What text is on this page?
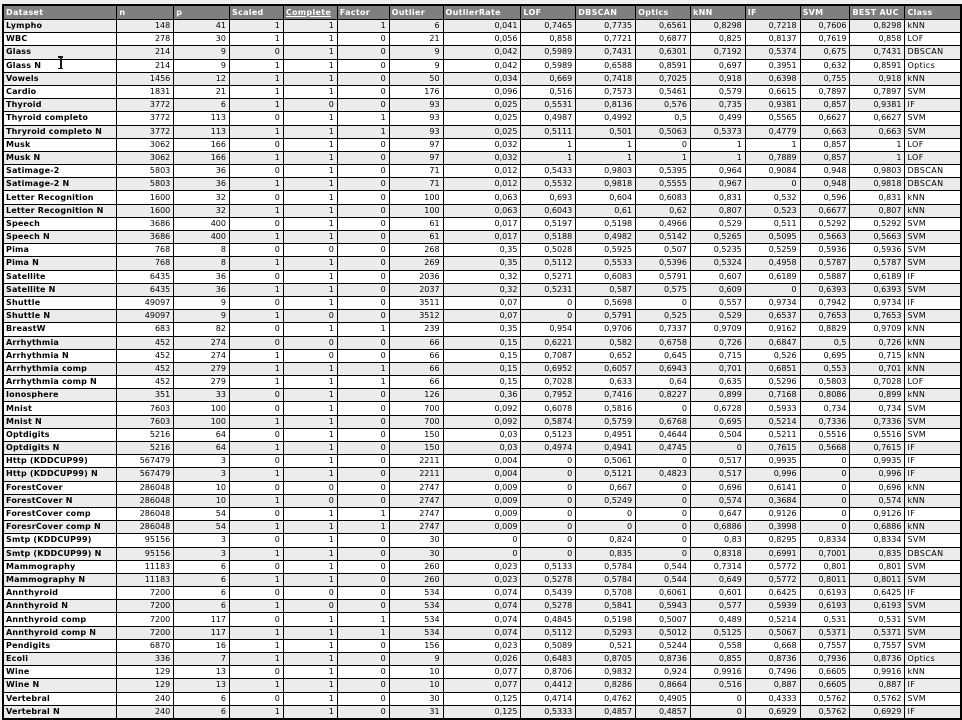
Dataset	n	p	Scaled	Complete	Factor	Outlier	OutlierRate	LOF	DBSCAN	Optics	kNN	IF	SVM	BEST AUC	Class
Lympho	148	41	1	1	1	6	0,041	0,7465	0,7735	0,6561	0,8298	0,7218	0,7606	0,8298	kNN
WBC	278	30	1	1	0	21	0,056	0,858	0,7721	0,6877	0,825	0,8137	0,7619	0,858	LOF
Glass	214	9	0	1	0	9	0,042	0,5989	0,7431	0,6301	0,7192	0,5374	0,675	0,7431	DBSCAN
Glass N	214	9	1	1	0	9	0,042	0,5989	0,6588	0,8591	0,697	0,3951	0,632	0,8591	Optics
Vowels	1456	12	1	1	0	50	0,034	0,669	0,7418	0,7025	0,918	0,6398	0,755	0,918	kNN
Cardio	1831	21	1	1	0	176	0,096	0,516	0,7573	0,5461	0,579	0,6615	0,7897	0,7897	SVM
Thyroid	3772	6	1	0	0	93	0,025	0,5531	0,8136	0,576	0,735	0,9381	0,857	0,9381	IF
Thyroid completo	3772	113	0	1	1	93	0,025	0,4987	0,4992	0,5	0,499	0,5565	0,6627	0,6627	SVM
Thryroid completo N	3772	113	1	1	1	93	0,025	0,5111	0,501	0,5063	0,5373	0,4779	0,663	0,663	SVM
Musk	3062	166	0	1	0	97	0,032	1	1	0	1	1	0,857	1	LOF
Musk N	3062	166	1	1	0	97	0,032	1	1	1	1	0,7889	0,857	1	LOF
Satimage-2	5803	36	0	1	0	71	0,012	0,5433	0,9803	0,5395	0,964	0,9084	0,948	0,9803	DBSCAN
Satimage-2 N	5803	36	1	1	0	71	0,012	0,5532	0,9818	0,5555	0,967	0	0,948	0,9818	DBSCAN
Letter Recognition	1600	32	0	1	0	100	0,063	0,693	0,604	0,6083	0,831	0,532	0,596	0,831	kNN
Letter Recognition N	1600	32	1	1	0	100	0,063	0,6043	0,61	0,62	0,807	0,523	0,6677	0,807	kNN
Speech	3686	400	0	1	0	61	0,017	0,5197	0,5198	0,4966	0,529	0,511	0,5292	0,5292	SVM
Speech N	3686	400	1	1	0	61	0,017	0,5188	0,4982	0,5142	0,5265	0,5095	0,5663	0,5663	SVM
Pima	768	8	0	0	0	268	0,35	0,5028	0,5925	0,507	0,5235	0,5259	0,5936	0,5936	SVM
Pima N	768	8	1	1	0	269	0,35	0,5112	0,5533	0,5396	0,5324	0,4958	0,5787	0,5787	SVM
Satellite	6435	36	0	1	0	2036	0,32	0,5271	0,6083	0,5791	0,607	0,6189	0,5887	0,6189	IF
Satellite N	6435	36	1	1	0	2037	0,32	0,5231	0,587	0,575	0,609	0	0,6393	0,6393	SVM
Shuttle	49097	9	0	1	0	3511	0,07	0	0,5698	0	0,557	0,9734	0,7942	0,9734	IF
Shuttle N	49097	9	1	0	0	3512	0,07	0	0,5791	0,525	0,529	0,6537	0,7653	0,7653	SVM
BreastW	683	82	0	1	1	239	0,35	0,954	0,9706	0,7337	0,9709	0,9162	0,8829	0,9709	kNN
Arrhythmia	452	274	0	0	0	66	0,15	0,6221	0,582	0,6758	0,726	0,6847	0,5	0,726	kNN
Arrhythmia N	452	274	1	0	0	66	0,15	0,7087	0,652	0,645	0,715	0,526	0,695	0,715	kNN
Arrhythmia comp	452	279	1	1	1	66	0,15	0,6952	0,6057	0,6943	0,701	0,6851	0,553	0,701	kNN
Arrhythmia comp N	452	279	1	1	1	66	0,15	0,7028	0,633	0,64	0,635	0,5296	0,5803	0,7028	LOF
Ionosphere	351	33	0	1	0	126	0,36	0,7952	0,7416	0,8227	0,899	0,7168	0,8086	0,899	kNN
Mnist	7603	100	0	1	0	700	0,092	0,6078	0,5816	0	0,6728	0,5933	0,734	0,734	SVM
Mnist N	7603	100	1	1	0	700	0,092	0,5874	0,5759	0,6768	0,695	0,5214	0,7336	0,7336	SVM
Optdigits	5216	64	0	1	0	150	0,03	0,5123	0,4951	0,4644	0,504	0,5211	0,5516	0,5516	SVM
Optdigits N	5216	64	1	1	0	150	0,03	0,4974	0,4941	0,4745	0	0,7615	0,5668	0,7615	IF
Http (KDDCUP99)	567479	3	0	1	0	2211	0,004	0	0,5061	0	0,517	0,9935	0	0,9935	IF
Http (KDDCUP99) N	567479	3	1	1	0	2211	0,004	0	0,5121	0,4823	0,517	0,996	0	0,996	IF
ForestCover	286048	10	0	0	0	2747	0,009	0	0,667	0	0,696	0,6141	0	0,696	kNN
ForestCover N	286048	10	1	0	0	2747	0,009	0	0,5249	0	0,574	0,3684	0	0,574	kNN
ForestCover comp	286048	54	0	1	1	2747	0,009	0	0	0	0,647	0,9126	0	0,9126	IF
ForesrCover comp N	286048	54	1	1	1	2747	0,009	0	0	0	0,6886	0,3998	0	0,6886	kNN
Smtp (KDDCUP99)	95156	3	0	1	0	30	0	0	0,824	0	0,83	0,8295	0,8334	0,8334	SVM
Smtp (KDDCUP99) N	95156	3	1	1	0	30	0	0	0,835	0	0,8318	0,6991	0,7001	0,835	DBSCAN
Mammography	11183	6	0	1	0	260	0,023	0,5133	0,5784	0,544	0,7314	0,5772	0,801	0,801	SVM
Mammography N	11183	6	1	1	0	260	0,023	0,5278	0,5784	0,544	0,649	0,5772	0,8011	0,8011	SVM
Annthyroid	7200	6	0	0	0	534	0,074	0,5439	0,5708	0,6061	0,601	0,6425	0,6193	0,6425	IF
Annthyroid N	7200	6	1	0	0	534	0,074	0,5278	0,5841	0,5943	0,577	0,5939	0,6193	0,6193	SVM
Annthyroid comp	7200	117	0	1	1	534	0,074	0,4845	0,5198	0,5007	0,489	0,5214	0,531	0,531	SVM
Annthyroid comp N	7200	117	1	1	1	534	0,074	0,5112	0,5293	0,5012	0,5125	0,5067	0,5371	0,5371	SVM
Pendigits	6870	16	1	1	0	156	0,023	0,5089	0,521	0,5244	0,558	0,668	0,7557	0,7557	SVM
Ecoli	336	7	1	1	0	9	0,026	0,6483	0,8705	0,8736	0,855	0,8736	0,7936	0,8736	Optics
Wine	129	13	0	1	0	10	0,077	0,8706	0,9832	0,924	0,9916	0,7496	0,6605	0,9916	kNN
Wine N	129	13	1	1	0	10	0,077	0,4412	0,8286	0,8664	0,516	0,887	0,6605	0,887	IF
Vertebral	240	6	0	1	0	30	0,125	0,4714	0,4762	0,4905	0	0,4333	0,5762	0,5762	SVM
Vertebral N	240	6	1	1	0	31	0,125	0,5333	0,4857	0,4857	0	0,6929	0,5762	0,6929	IF
